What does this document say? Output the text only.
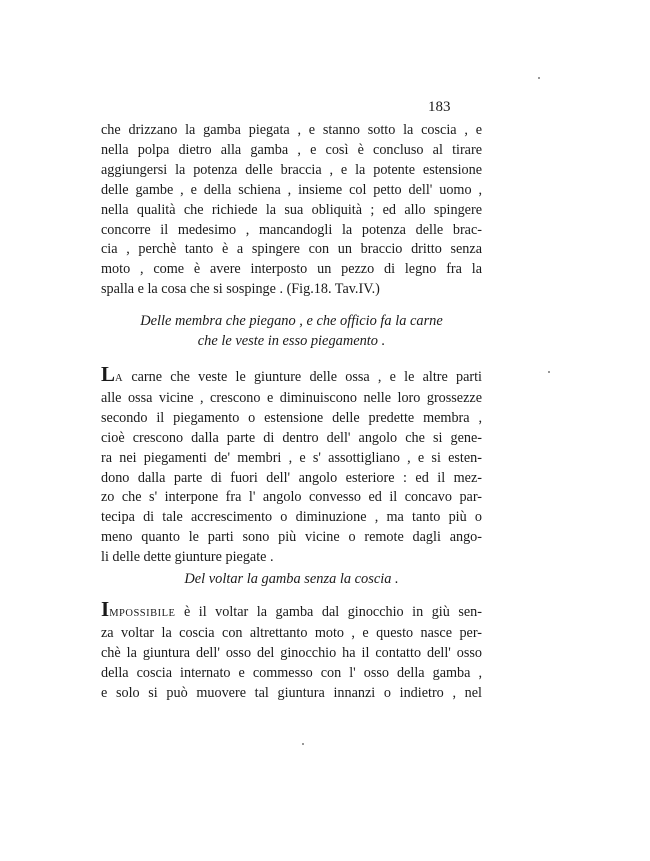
183
che drizzano la gamba piegata , e stanno sotto la coscia , e
nella polpa dietro alla gamba , e così è concluso al tirare
aggiungersi la potenza delle braccia , e la potente estensione
delle gambe , e della schiena , insieme col petto dell' uomo ,
nella qualità che richiede la sua obliquità ; ed allo spingere
concorre il medesimo , mancandogli la potenza delle brac-
cia , perchè tanto è a spingere con un braccio dritto senza
moto , come è avere interposto un pezzo di legno fra la
spalla e la cosa che si sospinge . (Fig.18. Tav.IV.)
Delle membra che piegano , e che officio fa la carne
che le veste in esso piegamento .
LA carne che veste le giunture delle ossa , e le altre parti
alle ossa vicine , crescono e diminuiscono nelle loro grossezze
secondo il piegamento o estensione delle predette membra ,
cioè crescono dalla parte di dentro dell' angolo che si gene-
ra nei piegamenti de' membri , e s' assottigliano , e si esten-
dono dalla parte di fuori dell' angolo esteriore : ed il mez-
zo che s' interpone fra l' angolo convesso ed il concavo par-
tecipa di tale accrescimento o diminuzione , ma tanto più o
meno quanto le parti sono più vicine o remote dagli ango-
li delle dette giunture piegate .
Del voltar la gamba senza la coscia .
IMPOSSIBILE è il voltar la gamba dal ginocchio in giù sen-
za voltar la coscia con altrettanto moto , e questo nasce per-
chè la giuntura dell' osso del ginocchio ha il contatto dell' osso
della coscia internato e commesso con l' osso della gamba ,
e solo si può muovere tal giuntura innanzi o indietro , nel
